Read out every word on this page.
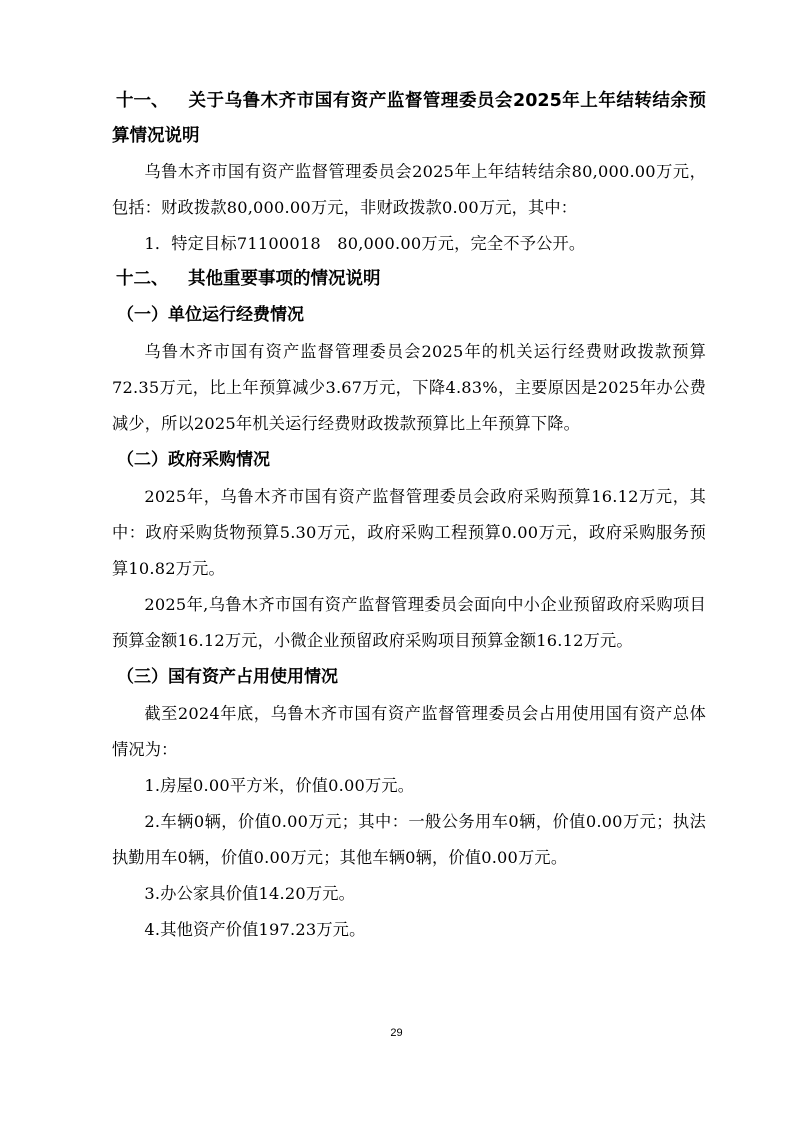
十一、 关于乌鲁木齐市国有资产监督管理委员会2025年上年结转结余预算情况说明

乌鲁木齐市国有资产监督管理委员会2025年上年结转结余80,000.00万元，包括：财政拨款80,000.00万元，非财政拨款0.00万元，其中：

1．特定目标71100018　80,000.00万元，完全不予公开。

十二、 其他重要事项的情况说明
（一）单位运行经费情况

乌鲁木齐市国有资产监督管理委员会2025年的机关运行经费财政拨款预算72.35万元，比上年预算减少3.67万元，下降4.83%，主要原因是2025年办公费减少，所以2025年机关运行经费财政拨款预算比上年预算下降。

（二）政府采购情况

2025年，乌鲁木齐市国有资产监督管理委员会政府采购预算16.12万元，其中：政府采购货物预算5.30万元，政府采购工程预算0.00万元，政府采购服务预算10.82万元。

2025年,乌鲁木齐市国有资产监督管理委员会面向中小企业预留政府采购项目预算金额16.12万元，小微企业预留政府采购项目预算金额16.12万元。

（三）国有资产占用使用情况

截至2024年底，乌鲁木齐市国有资产监督管理委员会占用使用国有资产总体情况为：

1.房屋0.00平方米，价值0.00万元。

2.车辆0辆，价值0.00万元；其中：一般公务用车0辆，价值0.00万元；执法执勤用车0辆，价值0.00万元；其他车辆0辆，价值0.00万元。

3.办公家具价值14.20万元。

4.其他资产价值197.23万元。

29
